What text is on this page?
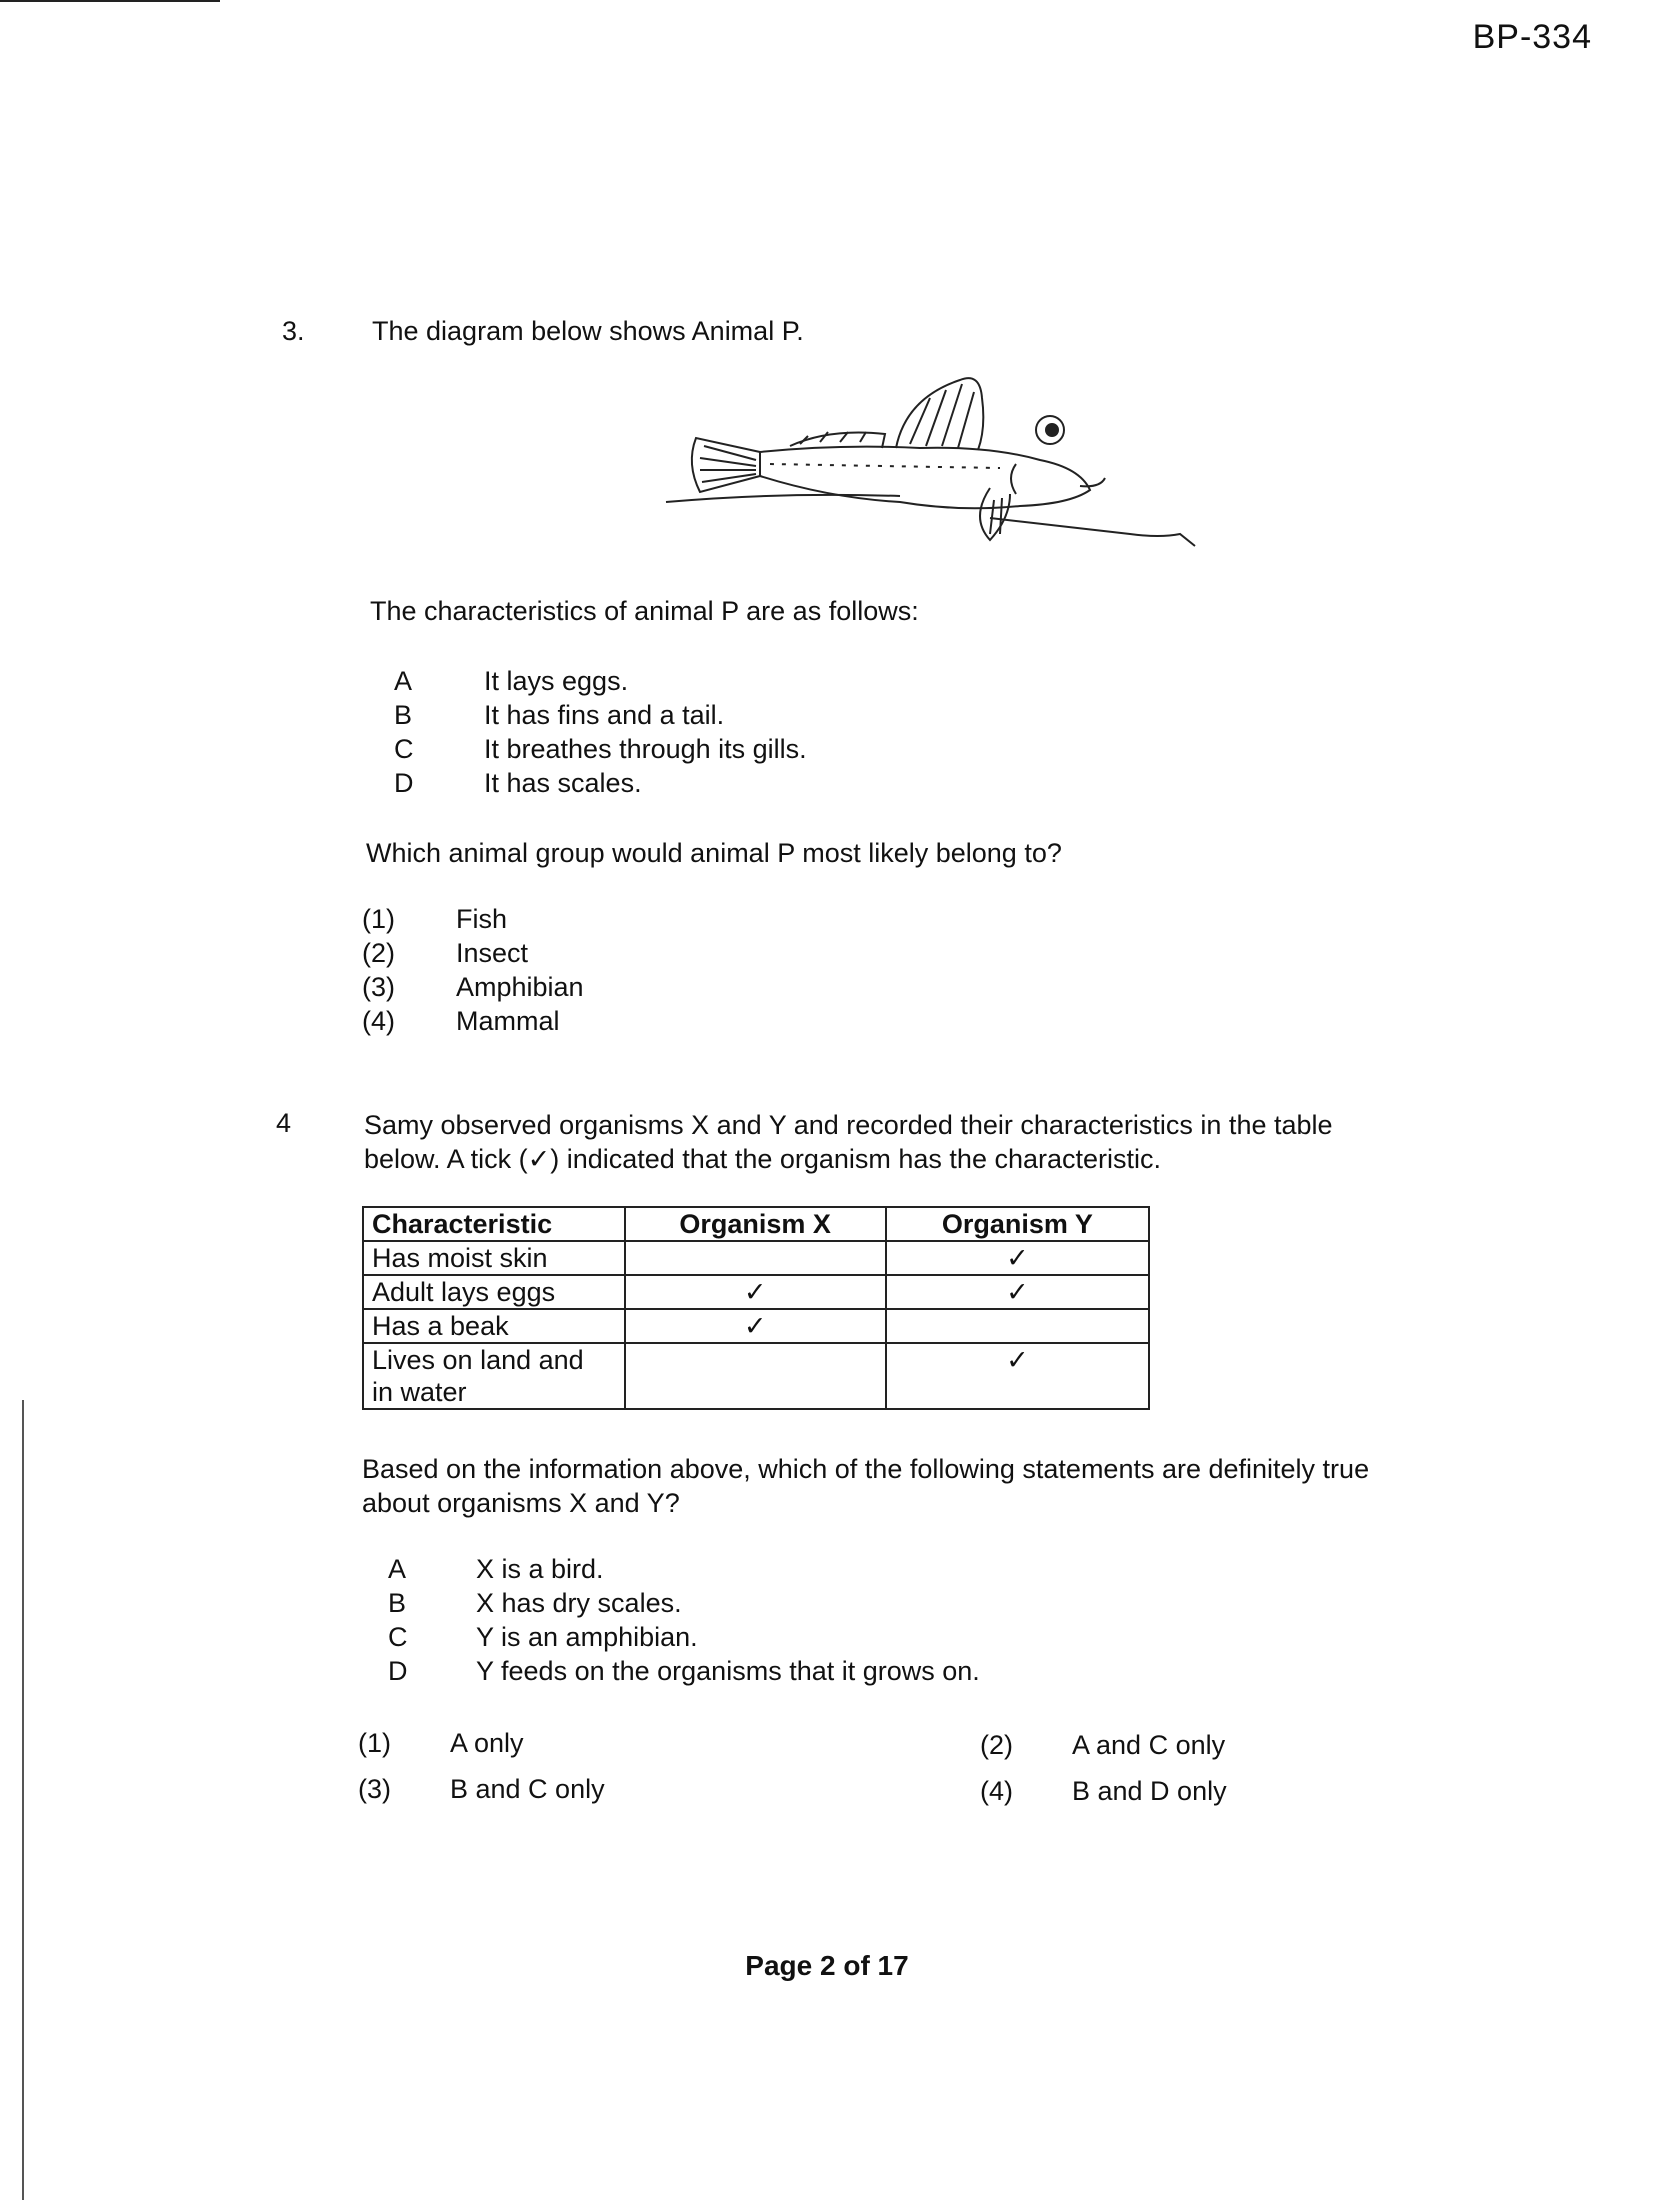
BP-334
3. The diagram below shows Animal P.
The characteristics of animal P are as follows:
A	It lays eggs.
B	It has fins and a tail.
C	It breathes through its gills.
D	It has scales.
Which animal group would animal P most likely belong to?
(1) Fish
(2) Insect
(3) Amphibian
(4) Mammal
4	Samy observed organisms X and Y and recorded their characteristics in the table
below. A tick (✓) indicated that the organism has the characteristic.
Characteristic	Organism X	Organism Y
Has moist skin		✓
Adult lays eggs	✓	✓
Has a beak	✓	
Lives on land and
in water		✓
Based on the information above, which of the following statements are definitely true
about organisms X and Y?
A	X is a bird.
B	X has dry scales.
C	Y is an amphibian.
D	Y feeds on the organisms that it grows on.
(1) A only	(2) A and C only
(3) B and C only	(4) B and D only
Page 2 of 17
